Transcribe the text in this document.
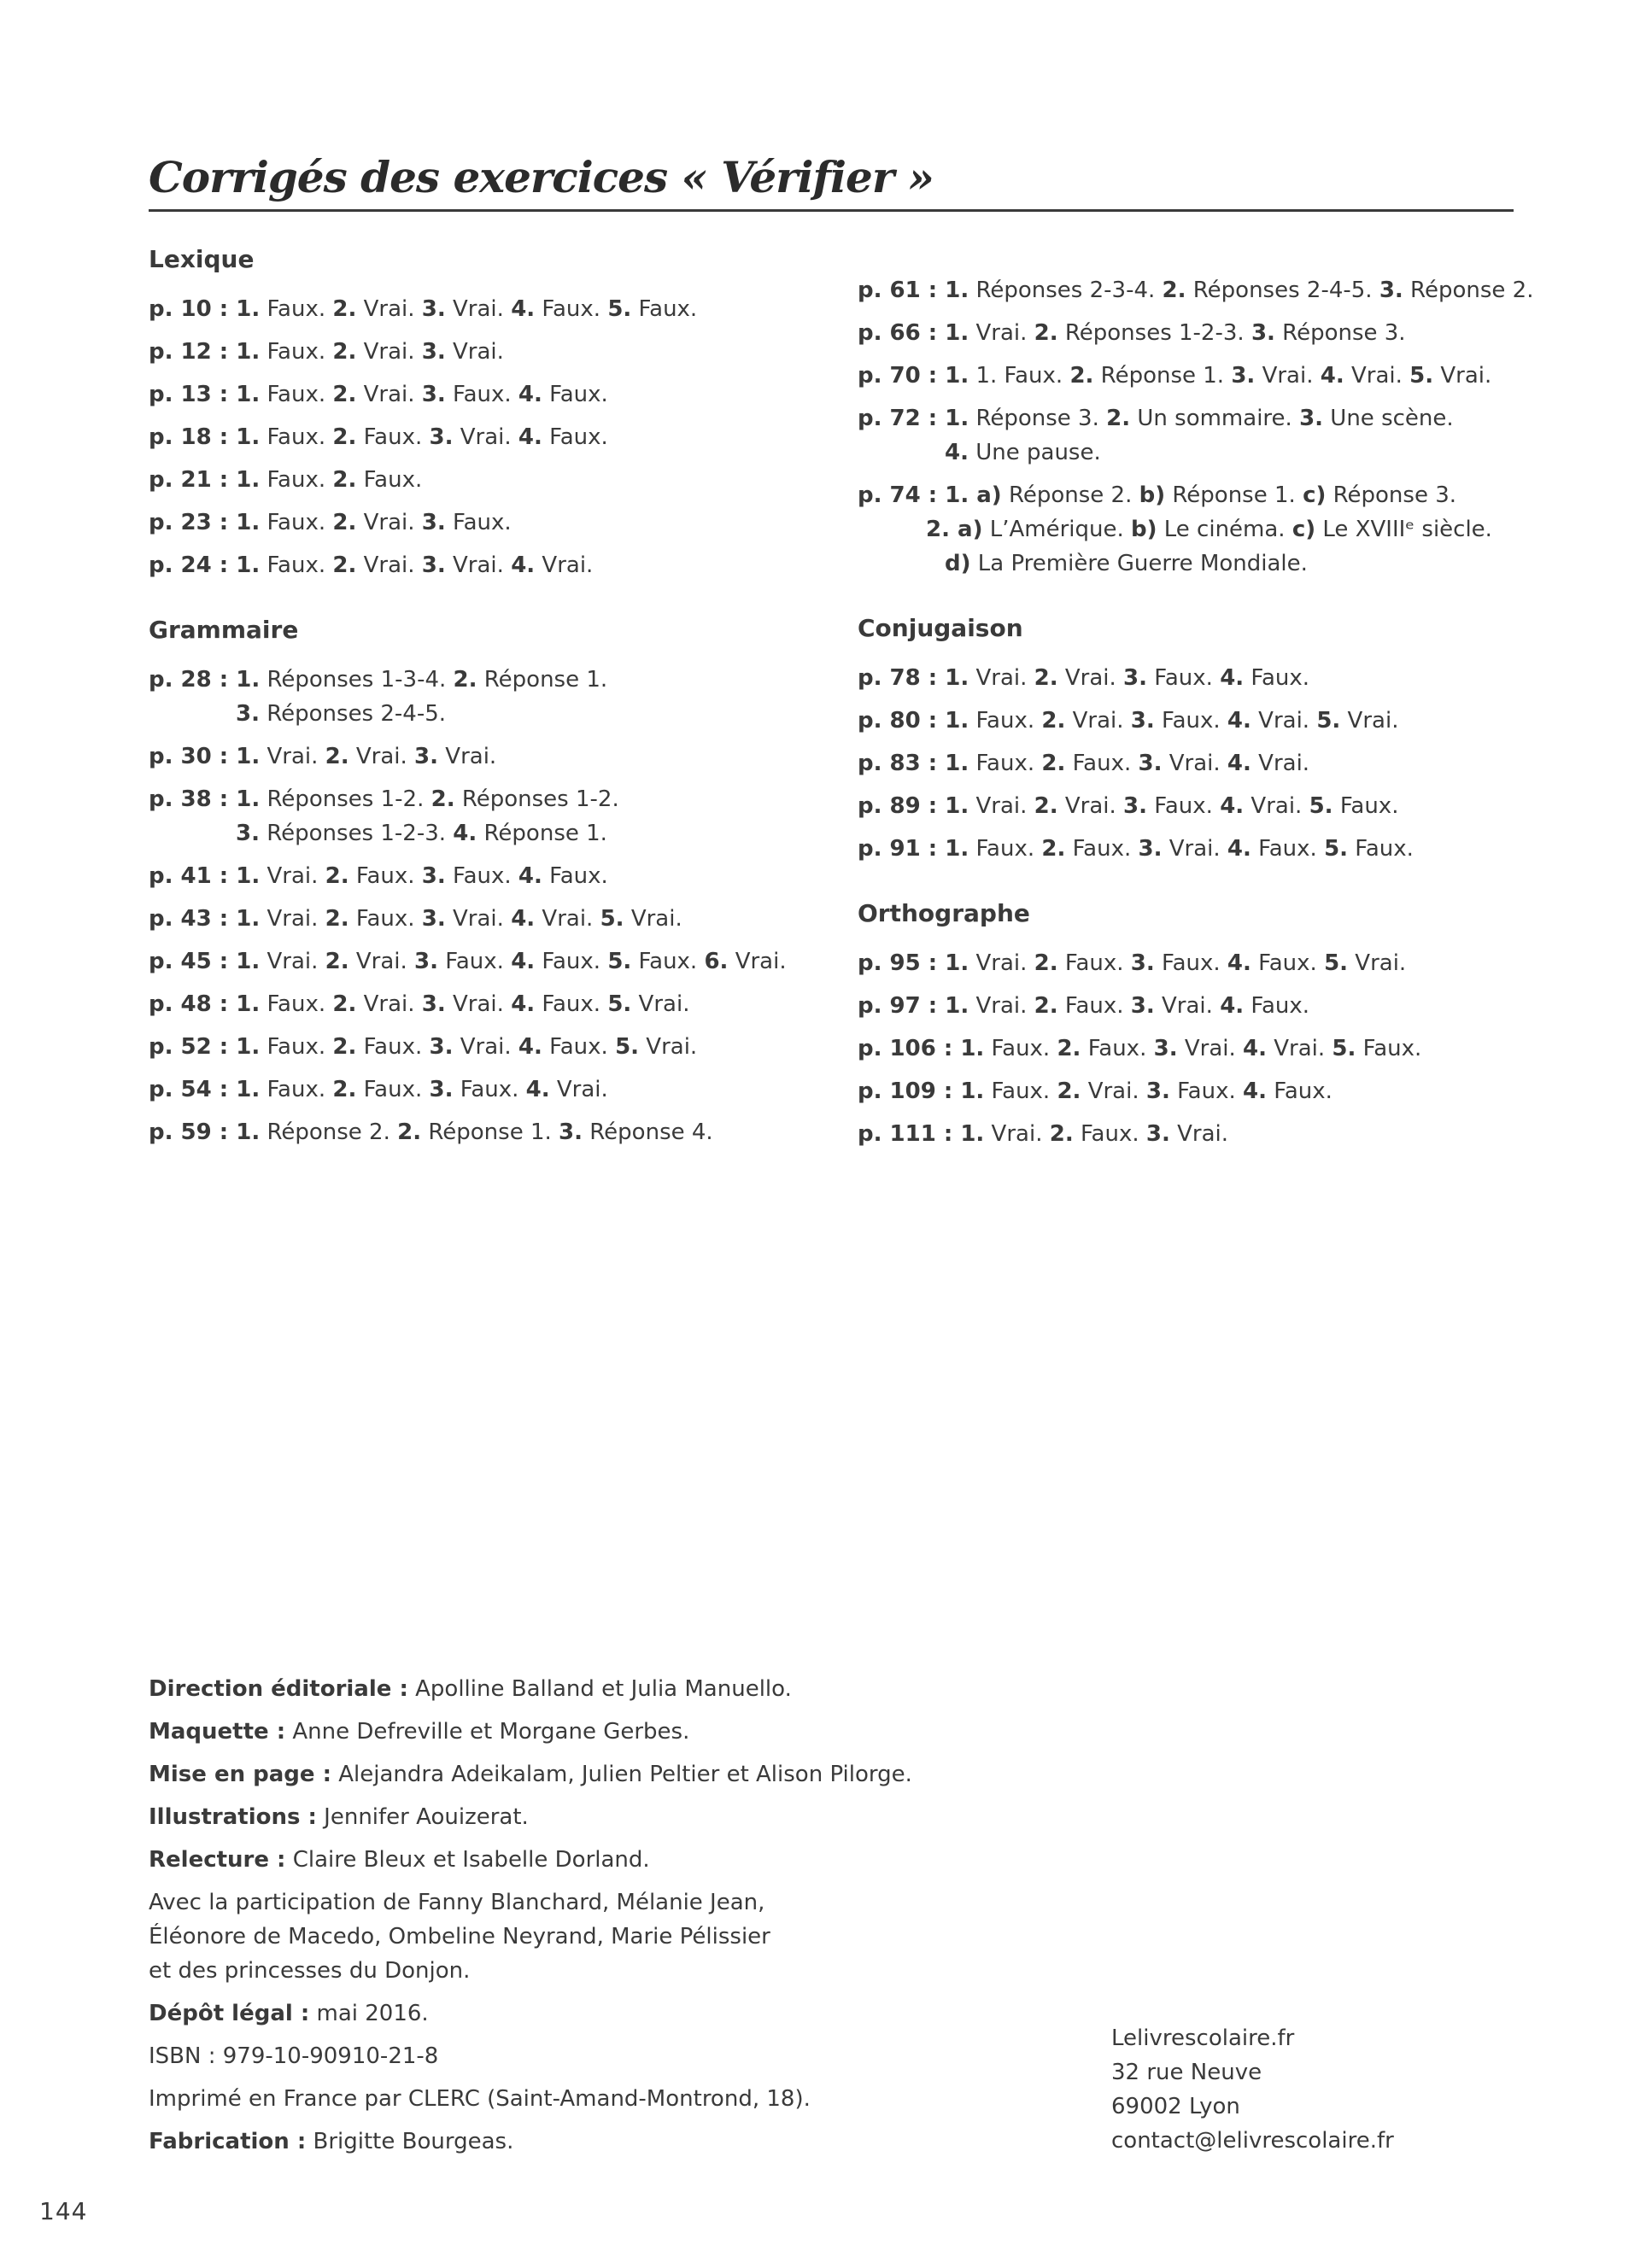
Corrigés des exercices « Vérifier »
Lexique
p. 10 : 1. Faux. 2. Vrai. 3. Vrai. 4. Faux. 5. Faux.
p. 12 : 1. Faux. 2. Vrai. 3. Vrai.
p. 13 : 1. Faux. 2. Vrai. 3. Faux. 4. Faux.
p. 18 : 1. Faux. 2. Faux. 3. Vrai. 4. Faux.
p. 21 : 1. Faux. 2. Faux.
p. 23 : 1. Faux. 2. Vrai. 3. Faux.
p. 24 : 1. Faux. 2. Vrai. 3. Vrai. 4. Vrai.
Grammaire
p. 28 : 1. Réponses 1-3-4. 2. Réponse 1.
3. Réponses 2-4-5.
p. 30 : 1. Vrai. 2. Vrai. 3. Vrai.
p. 38 : 1. Réponses 1-2. 2. Réponses 1-2.
3. Réponses 1-2-3. 4. Réponse 1.
p. 41 : 1. Vrai. 2. Faux. 3. Faux. 4. Faux.
p. 43 : 1. Vrai. 2. Faux. 3. Vrai. 4. Vrai. 5. Vrai.
p. 45 : 1. Vrai. 2. Vrai. 3. Faux. 4. Faux. 5. Faux. 6. Vrai.
p. 48 : 1. Faux. 2. Vrai. 3. Vrai. 4. Faux. 5. Vrai.
p. 52 : 1. Faux. 2. Faux. 3. Vrai. 4. Faux. 5. Vrai.
p. 54 : 1. Faux. 2. Faux. 3. Faux. 4. Vrai.
p. 59 : 1. Réponse 2. 2. Réponse 1. 3. Réponse 4.
p. 61 : 1. Réponses 2-3-4. 2. Réponses 2-4-5. 3. Réponse 2.
p. 66 : 1. Vrai. 2. Réponses 1-2-3. 3. Réponse 3.
p. 70 : 1. 1. Faux. 2. Réponse 1. 3. Vrai. 4. Vrai. 5. Vrai.
p. 72 : 1. Réponse 3. 2. Un sommaire. 3. Une scène.
4. Une pause.
p. 74 : 1. a) Réponse 2. b) Réponse 1. c) Réponse 3.
2. a) L’Amérique. b) Le cinéma. c) Le XVIIIᵉ siècle.
d) La Première Guerre Mondiale.
Conjugaison
p. 78 : 1. Vrai. 2. Vrai. 3. Faux. 4. Faux.
p. 80 : 1. Faux. 2. Vrai. 3. Faux. 4. Vrai. 5. Vrai.
p. 83 : 1. Faux. 2. Faux. 3. Vrai. 4. Vrai.
p. 89 : 1. Vrai. 2. Vrai. 3. Faux. 4. Vrai. 5. Faux.
p. 91 : 1. Faux. 2. Faux. 3. Vrai. 4. Faux. 5. Faux.
Orthographe
p. 95 : 1. Vrai. 2. Faux. 3. Faux. 4. Faux. 5. Vrai.
p. 97 : 1. Vrai. 2. Faux. 3. Vrai. 4. Faux.
p. 106 : 1. Faux. 2. Faux. 3. Vrai. 4. Vrai. 5. Faux.
p. 109 : 1. Faux. 2. Vrai. 3. Faux. 4. Faux.
p. 111 : 1. Vrai. 2. Faux. 3. Vrai.
Direction éditoriale : Apolline Balland et Julia Manuello.
Maquette : Anne Defreville et Morgane Gerbes.
Mise en page : Alejandra Adeikalam, Julien Peltier et Alison Pilorge.
Illustrations : Jennifer Aouizerat.
Relecture : Claire Bleux et Isabelle Dorland.
Avec la participation de Fanny Blanchard, Mélanie Jean,
Éléonore de Macedo, Ombeline Neyrand, Marie Pélissier
et des princesses du Donjon.
Dépôt légal : mai 2016.
ISBN : 979-10-90910-21-8
Imprimé en France par CLERC (Saint-Amand-Montrond, 18).
Fabrication : Brigitte Bourgeas.
Lelivrescolaire.fr
32 rue Neuve
69002 Lyon
contact@lelivrescolaire.fr
144
